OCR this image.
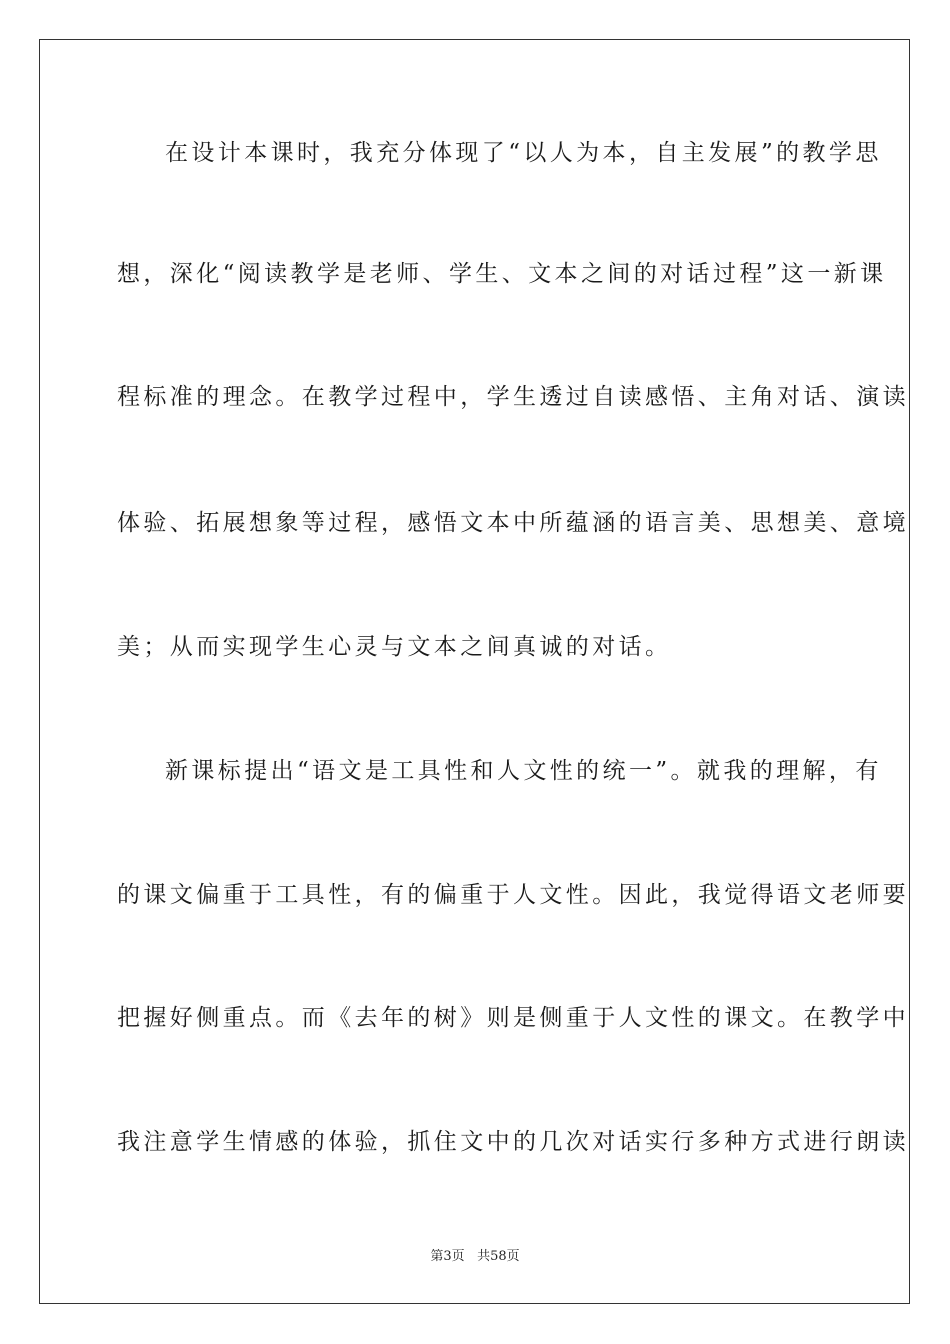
在设计本课时，我充分体现了“以人为本，自主发展”的教学思
想，深化“阅读教学是老师、学生、文本之间的对话过程”这一新课
程标准的理念。在教学过程中，学生透过自读感悟、主角对话、演读
体验、拓展想象等过程，感悟文本中所蕴涵的语言美、思想美、意境
美；从而实现学生心灵与文本之间真诚的对话。
新课标提出“语文是工具性和人文性的统一”。就我的理解，有
的课文偏重于工具性，有的偏重于人文性。因此，我觉得语文老师要
把握好侧重点。而《去年的树》则是侧重于人文性的课文。在教学中
我注意学生情感的体验，抓住文中的几次对话实行多种方式进行朗读
第3页 共58页
